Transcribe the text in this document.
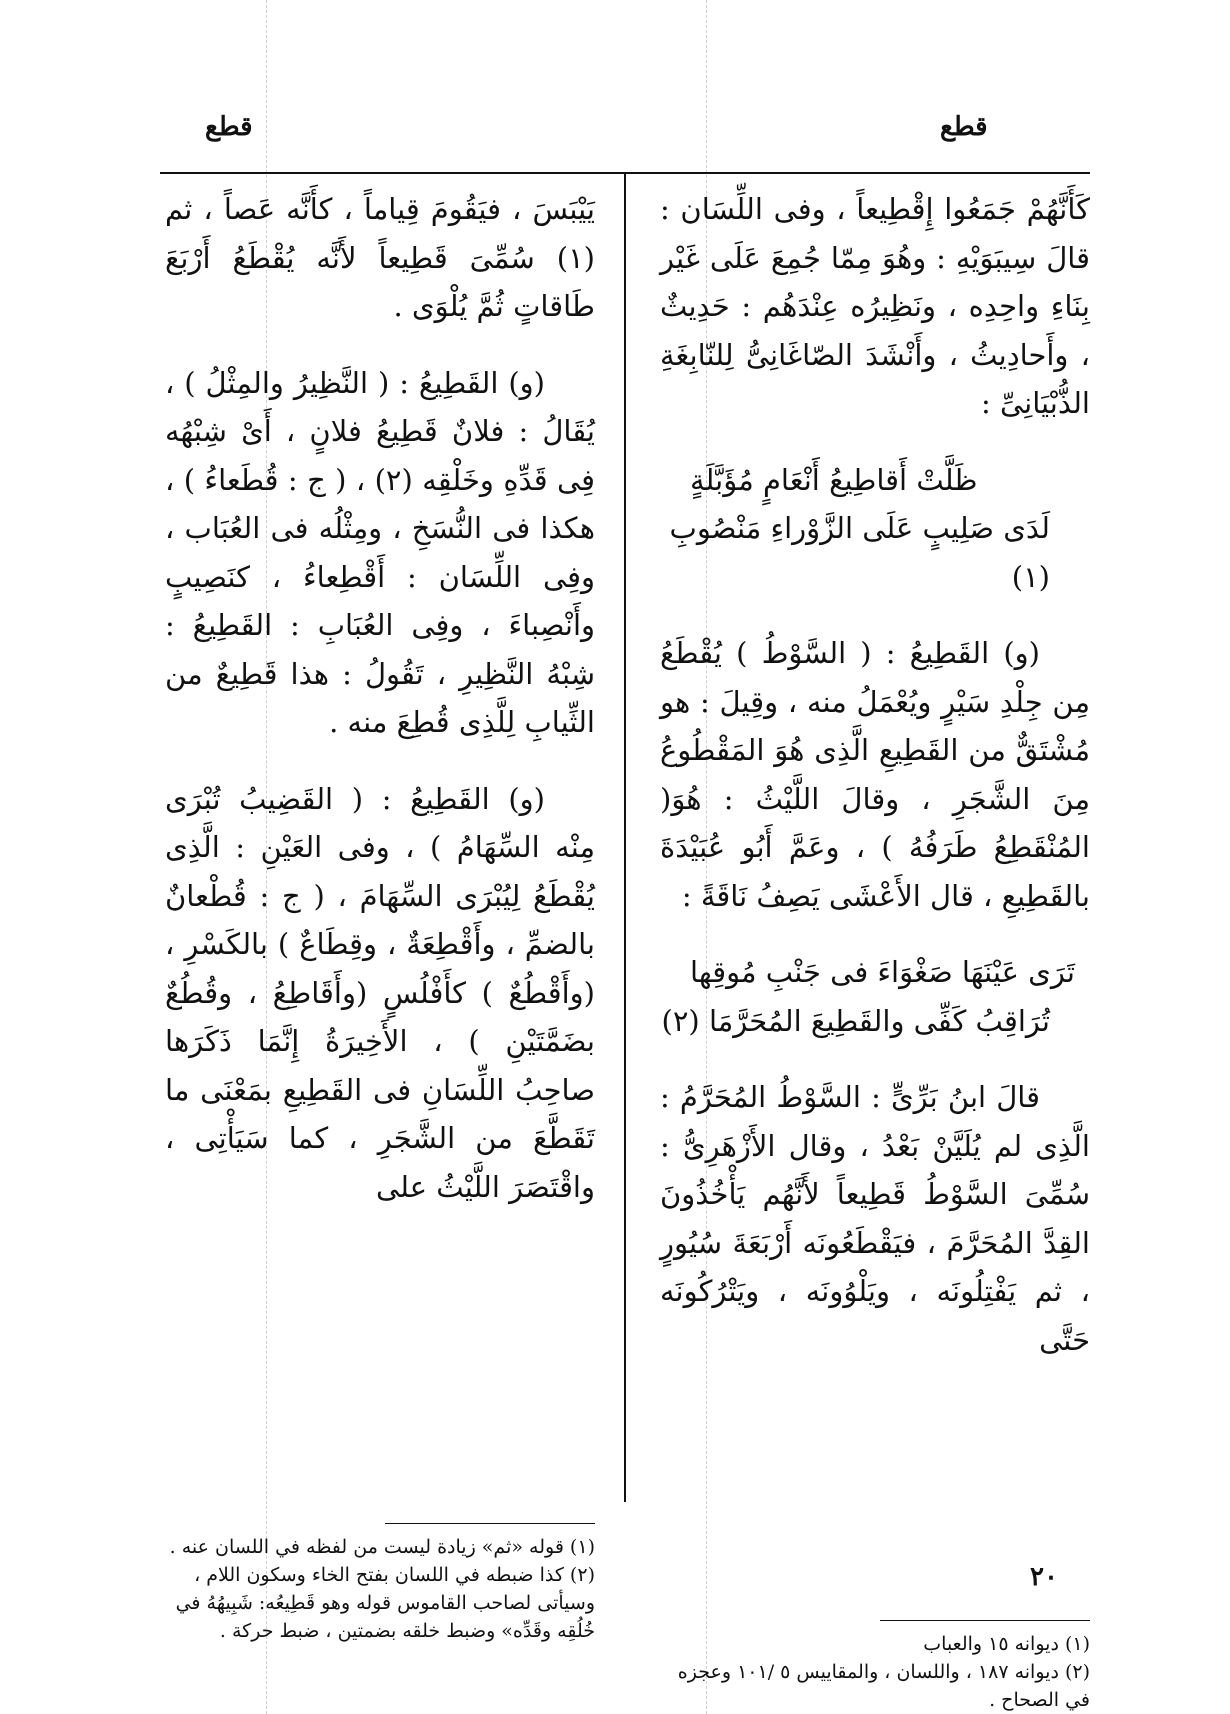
قطع
قطع

كَأَنَّهُمْ جَمَعُوا إِقْطِيعاً ، وفى اللِّسَان : قالَ سِيبَوَيْهِ : وهُوَ مِمّا جُمِعَ عَلَى غَيْر بِنَاءِ واحِدِه ، ونَظِيرُه عِنْدَهُم : حَدِيثٌ ، وأَحادِيثُ ، وأَنْشَدَ الصّاغَانِىُّ لِلنّابِغَةِ الذُّبْيَانِىِّ :

ظَلَّتْ أَقاطِيعُ أَنْعَامٍ مُؤَبَّلَةٍ
لَدَى صَلِيبٍ عَلَى الزَّوْراءِ مَنْصُوبِ (١)

(و) القَطِيعُ : ( السَّوْطُ ) يُقْطَعُ مِن جِلْدِ سَيْرٍ ويُعْمَلُ منه ، وقِيلَ : هو مُشْتَقٌّ من القَطِيعِ الَّذِى هُوَ المَقْطُوعُ مِنَ الشَّجَرِ ، وقالَ اللَّيْثُ : هُوَ( المُنْقَطِعُ طَرَفُهُ ) ، وعَمَّ أَبُو عُبَيْدَةَ بالقَطِيعِ ، قال الأَعْشَى يَصِفُ نَاقَةً :

تَرَى عَيْنَهَا صَغْوَاءَ فى جَنْبِ مُوقِها
تُرَاقِبُ كَفِّى والقَطِيعَ المُحَرَّمَا (٢)

قالَ ابنُ بَرِّىٍّ : السَّوْطُ المُحَرَّمُ : الَّذِى لم يُلَيَّنْ بَعْدُ ، وقال الأَزْهَرِىُّ : سُمِّىَ السَّوْطُ قَطِيعاً لأَنَّهُم يَأْخُذُونَ القِدَّ المُحَرَّمَ ، فيَقْطَعُونَه أَرْبَعَةَ سُيُورٍ ، ثم يَفْتِلُونَه ، ويَلْوُونَه ، ويَتْرُكُونَه حَتَّى

(١) ديوانه ١٥ والعباب
(٢) ديوانه ١٨٧ ، واللسان ، والمقاييس ٥ /١٠١ وعجزه في الصحاح .

يَيْبَسَ ، فيَقُومَ قِياماً ، كأَنَّه عَصاً ، ثم (١) سُمِّىَ قَطِيعاً لأَنَّه يُقْطَعُ أَرْبَعَ طَاقاتٍ ثُمَّ يُلْوَى .

(و) القَطِيعُ : ( النَّظِيرُ والمِثْلُ ) ، يُقَالُ : فلانٌ قَطِيعُ فلانٍ ، أَىْ شِبْهُه فِى قَدِّهِ وخَلْقِه (٢) ، ( ج : قُطَعاءُ ) ، هكذا فى النُّسَخِ ، ومِثْلُه فى العُبَاب ، وفِى اللِّسَان : أَقْطِعاءُ ، كنَصِيبٍ وأَنْصِباءَ ، وفِى العُبَابِ : القَطِيعُ : شِبْهُ النَّظِيرِ ، تَقُولُ : هذا قَطِيعٌ من الثِّيابِ لِلَّذِى قُطِعَ منه .

(و) القَطِيعُ : ( القَضِيبُ تُبْرَى مِنْه السِّهَامُ ) ، وفى العَيْنِ : الَّذِى يُقْطَعُ لِيُبْرَى السِّهَامَ ، ( ج : قُطْعانٌ بالضمِّ ، وأَقْطِعَةٌ ، وقِطَاعٌ ) بالكَسْرِ ، (وأَقْطُعٌ ) كأَفْلُسٍ (وأَقَاطِعُ ، وقُطُعٌ بضَمَّتَيْنِ ) ، الأَخِيرَةُ إِنَّمَا ذَكَرَها صاحِبُ اللِّسَانِ فى القَطِيعِ بمَعْنَى ما تَقَطَّعَ من الشَّجَرِ ، كما سَيَأْتِى ، واقْتَصَرَ اللَّيْثُ على

(١) قوله «ثم» زيادة ليست من لفظه في اللسان عنه .
(٢) كذا ضبطه في اللسان بفتح الخاء وسكون اللام ، وسيأتى لصاحب القاموس قوله وهو قَطِيعُه: شَبِيهُهُ في خُلُقِه وقَدِّه» وضبط خلقه بضمتين ، ضبط حركة .
٢٠
